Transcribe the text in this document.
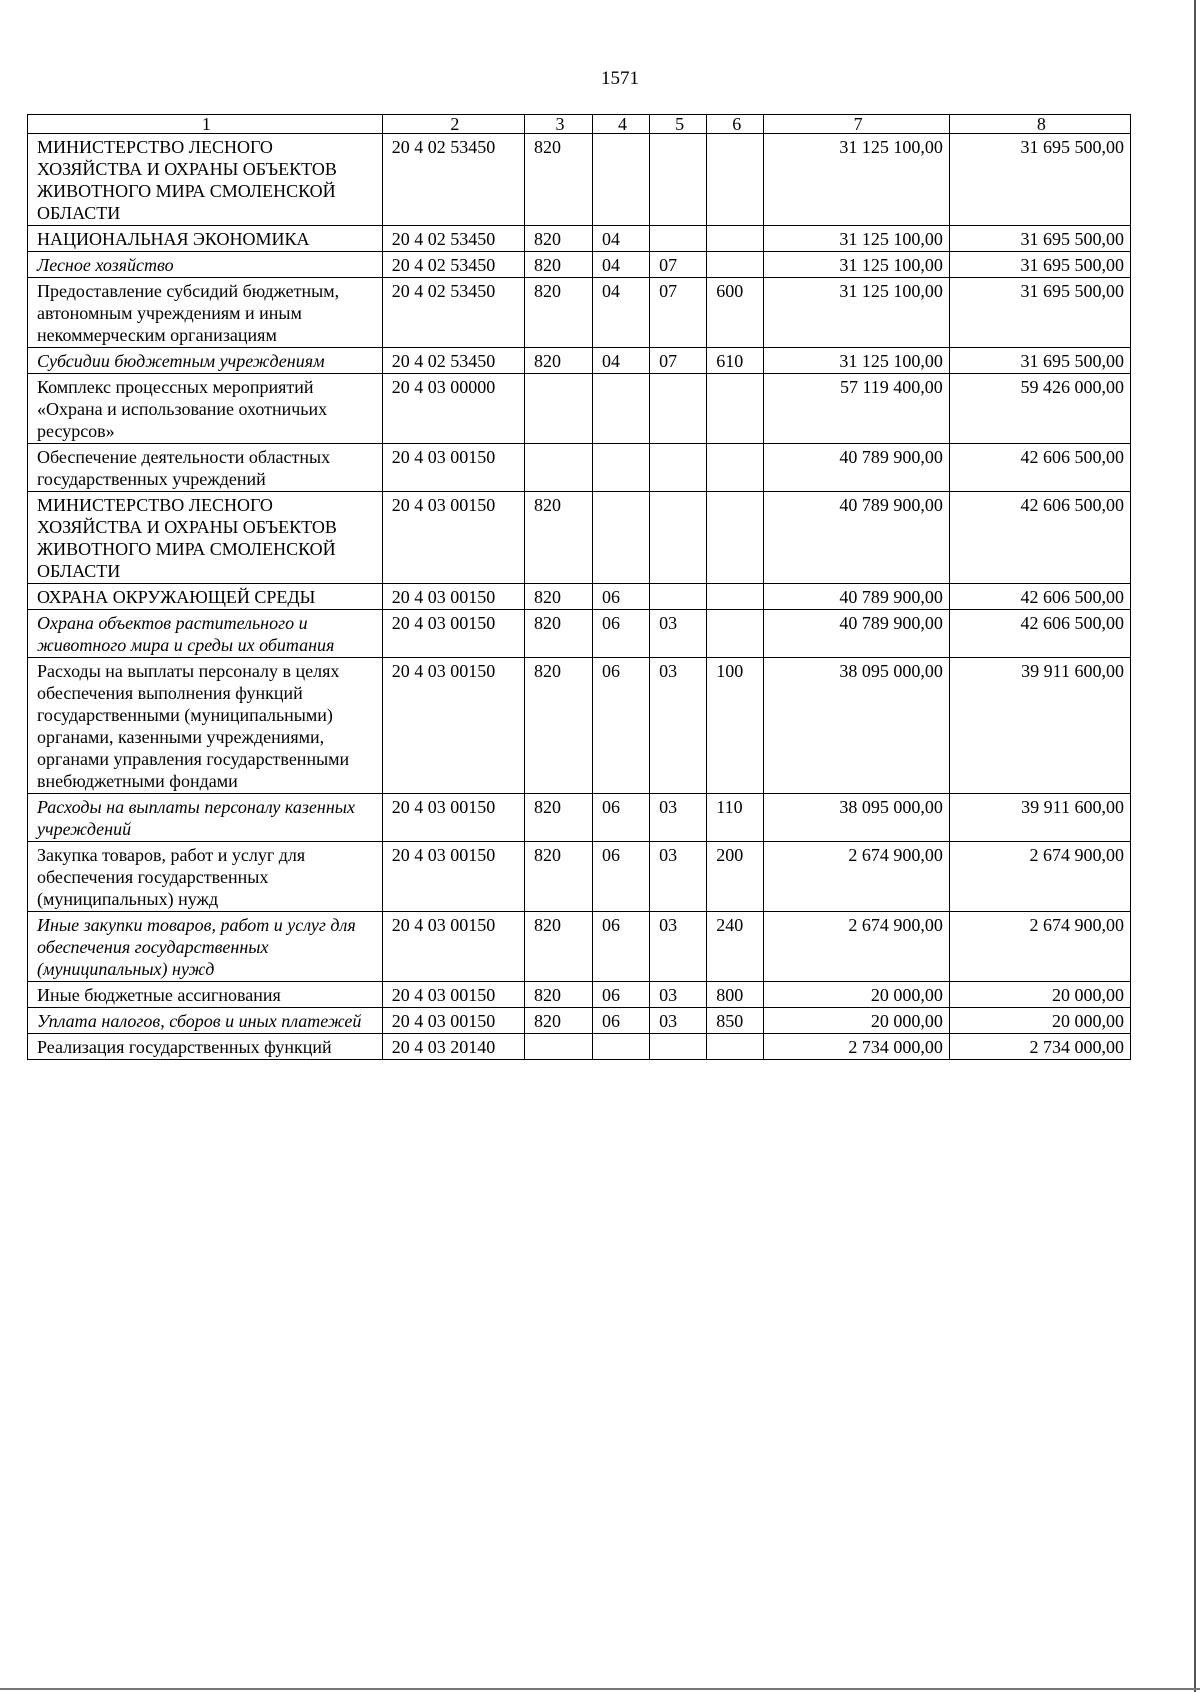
1571
1	2	3	4	5	6	7	8
МИНИСТЕРСТВО ЛЕСНОГО ХОЗЯЙСТВА И ОХРАНЫ ОБЪЕКТОВ ЖИВОТНОГО МИРА СМОЛЕНСКОЙ ОБЛАСТИ	20 4 02 53450	820				31 125 100,00	31 695 500,00
НАЦИОНАЛЬНАЯ ЭКОНОМИКА	20 4 02 53450	820	04			31 125 100,00	31 695 500,00
Лесное хозяйство	20 4 02 53450	820	04	07		31 125 100,00	31 695 500,00
Предоставление субсидий бюджетным, автономным учреждениям и иным некоммерческим организациям	20 4 02 53450	820	04	07	600	31 125 100,00	31 695 500,00
Субсидии бюджетным учреждениям	20 4 02 53450	820	04	07	610	31 125 100,00	31 695 500,00
Комплекс процессных мероприятий «Охрана и использование охотничьих ресурсов»	20 4 03 00000					57 119 400,00	59 426 000,00
Обеспечение деятельности областных государственных учреждений	20 4 03 00150					40 789 900,00	42 606 500,00
МИНИСТЕРСТВО ЛЕСНОГО ХОЗЯЙСТВА И ОХРАНЫ ОБЪЕКТОВ ЖИВОТНОГО МИРА СМОЛЕНСКОЙ ОБЛАСТИ	20 4 03 00150	820				40 789 900,00	42 606 500,00
ОХРАНА ОКРУЖАЮЩЕЙ СРЕДЫ	20 4 03 00150	820	06			40 789 900,00	42 606 500,00
Охрана объектов растительного и животного мира и среды их обитания	20 4 03 00150	820	06	03		40 789 900,00	42 606 500,00
Расходы на выплаты персоналу в целях обеспечения выполнения функций государственными (муниципальными) органами, казенными учреждениями, органами управления государственными внебюджетными фондами	20 4 03 00150	820	06	03	100	38 095 000,00	39 911 600,00
Расходы на выплаты персоналу казенных учреждений	20 4 03 00150	820	06	03	110	38 095 000,00	39 911 600,00
Закупка товаров, работ и услуг для обеспечения государственных (муниципальных) нужд	20 4 03 00150	820	06	03	200	2 674 900,00	2 674 900,00
Иные закупки товаров, работ и услуг для обеспечения государственных (муниципальных) нужд	20 4 03 00150	820	06	03	240	2 674 900,00	2 674 900,00
Иные бюджетные ассигнования	20 4 03 00150	820	06	03	800	20 000,00	20 000,00
Уплата налогов, сборов и иных платежей	20 4 03 00150	820	06	03	850	20 000,00	20 000,00
Реализация государственных функций	20 4 03 20140					2 734 000,00	2 734 000,00
